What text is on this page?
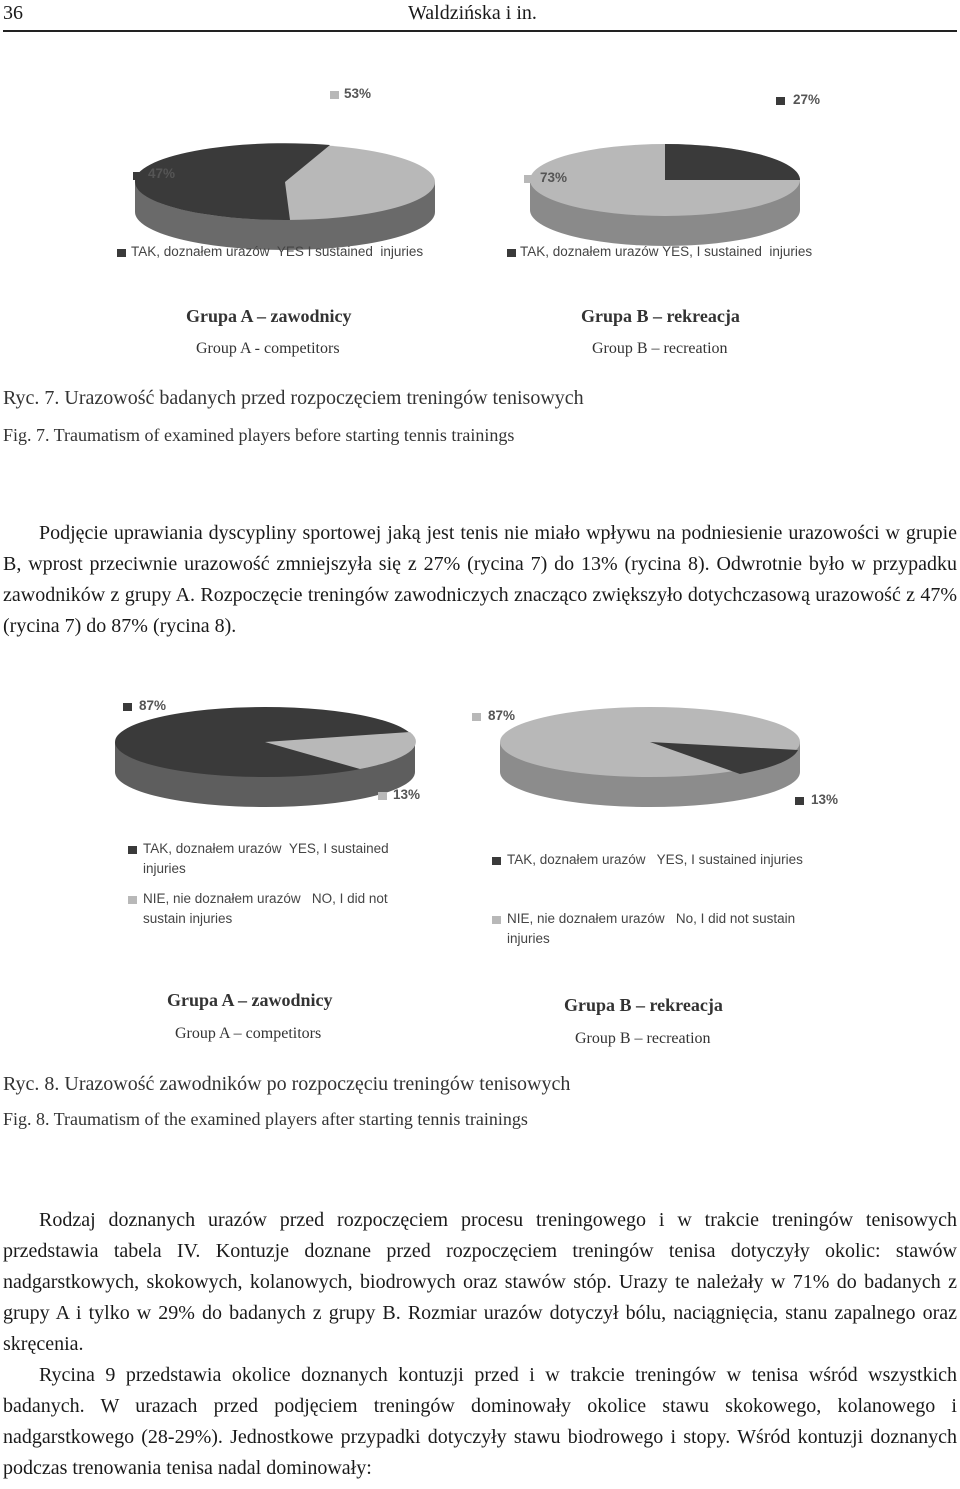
36	Waldzińska i in.
53%
47%
27%
73%
TAK, doznałem urazów  YES I sustained  injuries	TAK, doznałem urazów YES, I sustained  injuries
Grupa A – zawodnicy
Group A - competitors
Grupa B – rekreacja
Group B – recreation
Ryc. 7. Urazowość badanych przed rozpoczęciem treningów tenisowych
Fig. 7. Traumatism of examined players before starting tennis trainings

Podjęcie uprawiania dyscypliny sportowej jaką jest tenis nie miało wpływu na podniesienie urazowości w grupie B, wprost przeciwnie urazowość zmniejszyła się z 27% (rycina 7) do 13% (rycina 8). Odwrotnie było w przypadku zawodników z grupy A. Rozpoczęcie treningów zawodniczych znacząco zwiększyło dotychczasową urazowość z 47% (rycina 7) do 87% (rycina 8).

87%
13%
87%
13%
TAK, doznałem urazów  YES, I sustained
injuries
NIE, nie doznałem urazów   NO, I did not
sustain injuries
TAK, doznałem urazów   YES, I sustained injuries
NIE, nie doznałem urazów   No, I did not sustain
injuries
Grupa A – zawodnicy
Group A – competitors
Grupa B – rekreacja
Group B – recreation
Ryc. 8. Urazowość zawodników po rozpoczęciu treningów tenisowych
Fig. 8. Traumatism of the examined players after starting tennis trainings

Rodzaj doznanych urazów przed rozpoczęciem procesu treningowego i w trakcie treningów tenisowych przedstawia tabela IV. Kontuzje doznane przed rozpoczęciem treningów tenisa dotyczyły okolic: stawów nadgarstkowych, skokowych, kolanowych, biodrowych oraz stawów stóp. Urazy te należały w 71% do badanych z grupy A i tylko w 29% do badanych z grupy B. Rozmiar urazów dotyczył bólu, naciągnięcia, stanu zapalnego oraz skręcenia.

Rycina 9 przedstawia okolice doznanych kontuzji przed i w trakcie treningów w tenisa wśród wszystkich badanych. W urazach przed podjęciem treningów dominowały okolice stawu skokowego, kolanowego i nadgarstkowego (28-29%). Jednostkowe przypadki dotyczyły stawu biodrowego i stopy. Wśród kontuzji doznanych podczas trenowania tenisa nadal dominowały:
